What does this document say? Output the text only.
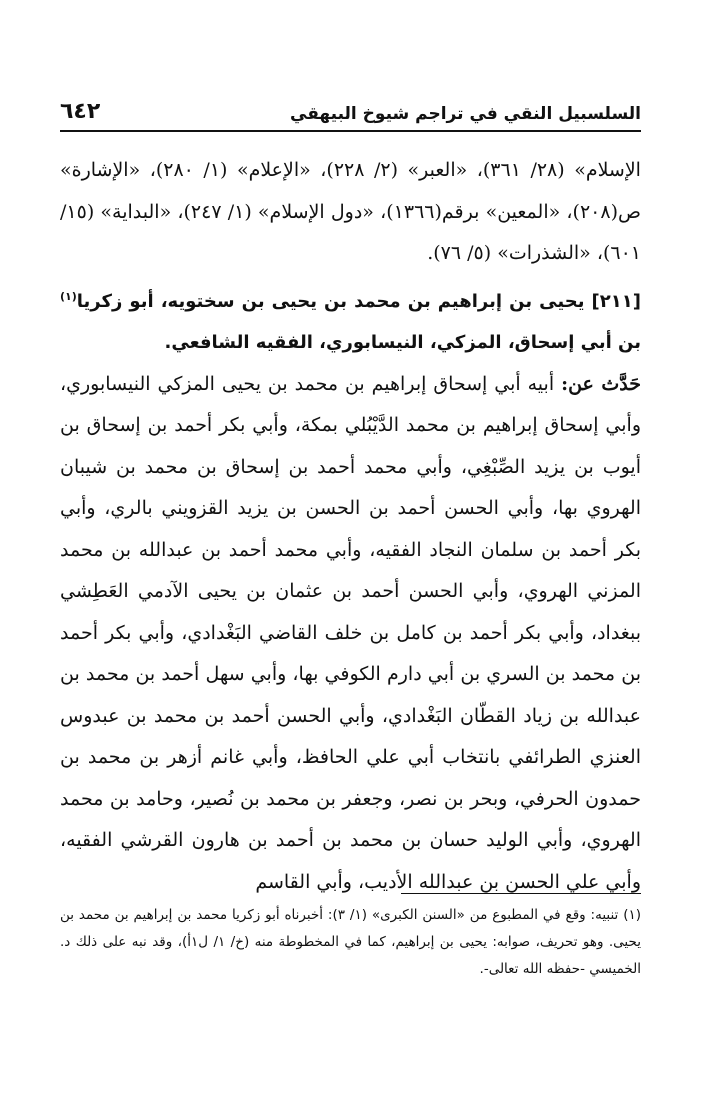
السلسبيل النقي في تراجم شيوخ البيهقي
٦٤٢

الإسلام» (٢٨/ ٣٦١)، «العبر» (٢/ ٢٢٨)، «الإعلام» (١/ ٢٨٠)، «الإشارة» ص(٢٠٨)، «المعين» برقم(١٣٦٦)، «دول الإسلام» (١/ ٢٤٧)، «البداية» (١٥/ ٦٠١)، «الشذرات» (٥/ ٧٦).

[٢١١] يحيى بن إبراهيم بن محمد بن يحيى بن سختويه، أبو زكريا$^{(١)}$ بن أبي إسحاق، المزكي، النيسابوري، الفقيه الشافعي.

حَدَّث عن: أبيه أبي إسحاق إبراهيم بن محمد بن يحيى المزكي النيسابوري، وأبي إسحاق إبراهيم بن محمد الدَّيْبُلي بمكة، وأبي بكر أحمد بن إسحاق بن أيوب بن يزيد الصِّبْغِي، وأبي محمد أحمد بن إسحاق بن محمد بن شيبان الهروي بها، وأبي الحسن أحمد بن الحسن بن يزيد القزويني بالري، وأبي بكر أحمد بن سلمان النجاد الفقيه، وأبي محمد أحمد بن عبدالله بن محمد المزني الهروي، وأبي الحسن أحمد بن عثمان بن يحيى الآدمي العَطِشي ببغداد، وأبي بكر أحمد بن كامل بن خلف القاضي البَغْدادي، وأبي بكر أحمد بن محمد بن السري بن أبي دارم الكوفي بها، وأبي سهل أحمد بن محمد بن عبدالله بن زياد القطّان البَغْدادي، وأبي الحسن أحمد بن محمد بن عبدوس العنزي الطرائفي بانتخاب أبي علي الحافظ، وأبي غانم أزهر بن محمد بن حمدون الحرفي، وبحر بن نصر، وجعفر بن محمد بن نُصير، وحامد بن محمد الهروي، وأبي الوليد حسان بن محمد بن أحمد بن هارون القرشي الفقيه، وأبي علي الحسن بن عبدالله الأديب، وأبي القاسم

(١) تنبيه: وقع في المطبوع من «السنن الكبرى» (١/ ٣): أخبرناه أبو زكريا محمد بن إبراهيم بن محمد بن يحيى. وهو تحريف، صوابه: يحيى بن إبراهيم، كما في المخطوطة منه (خ/ ١/ ل١أ)، وقد نبه على ذلك د. الخميسي -حفظه الله تعالى-.
